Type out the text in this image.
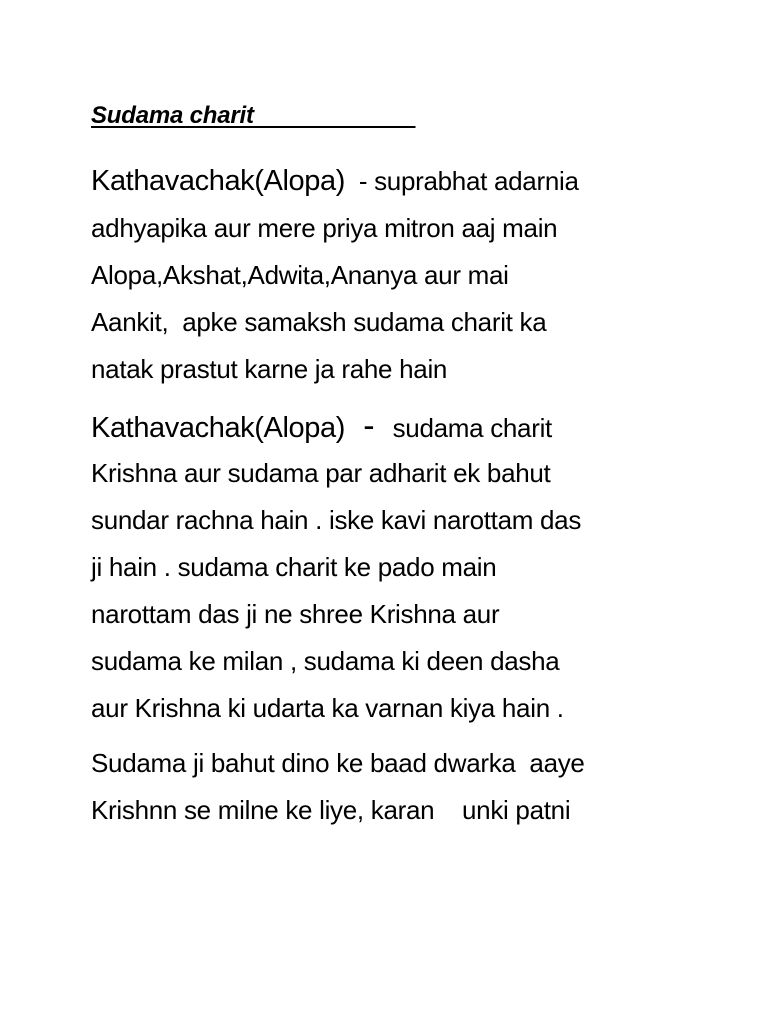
Sudama charit
Kathavachak(Alopa)  - suprabhat adarnia
adhyapika aur mere priya mitron aaj main
Alopa,Akshat,Adwita,Ananya aur mai
Aankit,  apke samaksh sudama charit ka
natak prastut karne ja rahe hain
Kathavachak(Alopa)  -  sudama charit
Krishna aur sudama par adharit ek bahut
sundar rachna hain . iske kavi narottam das
ji hain . sudama charit ke pado main
narottam das ji ne shree Krishna aur
sudama ke milan , sudama ki deen dasha
aur Krishna ki udarta ka varnan kiya hain .
Sudama ji bahut dino ke baad dwarka  aaye
Krishnn se milne ke liye, karan    unki patni
